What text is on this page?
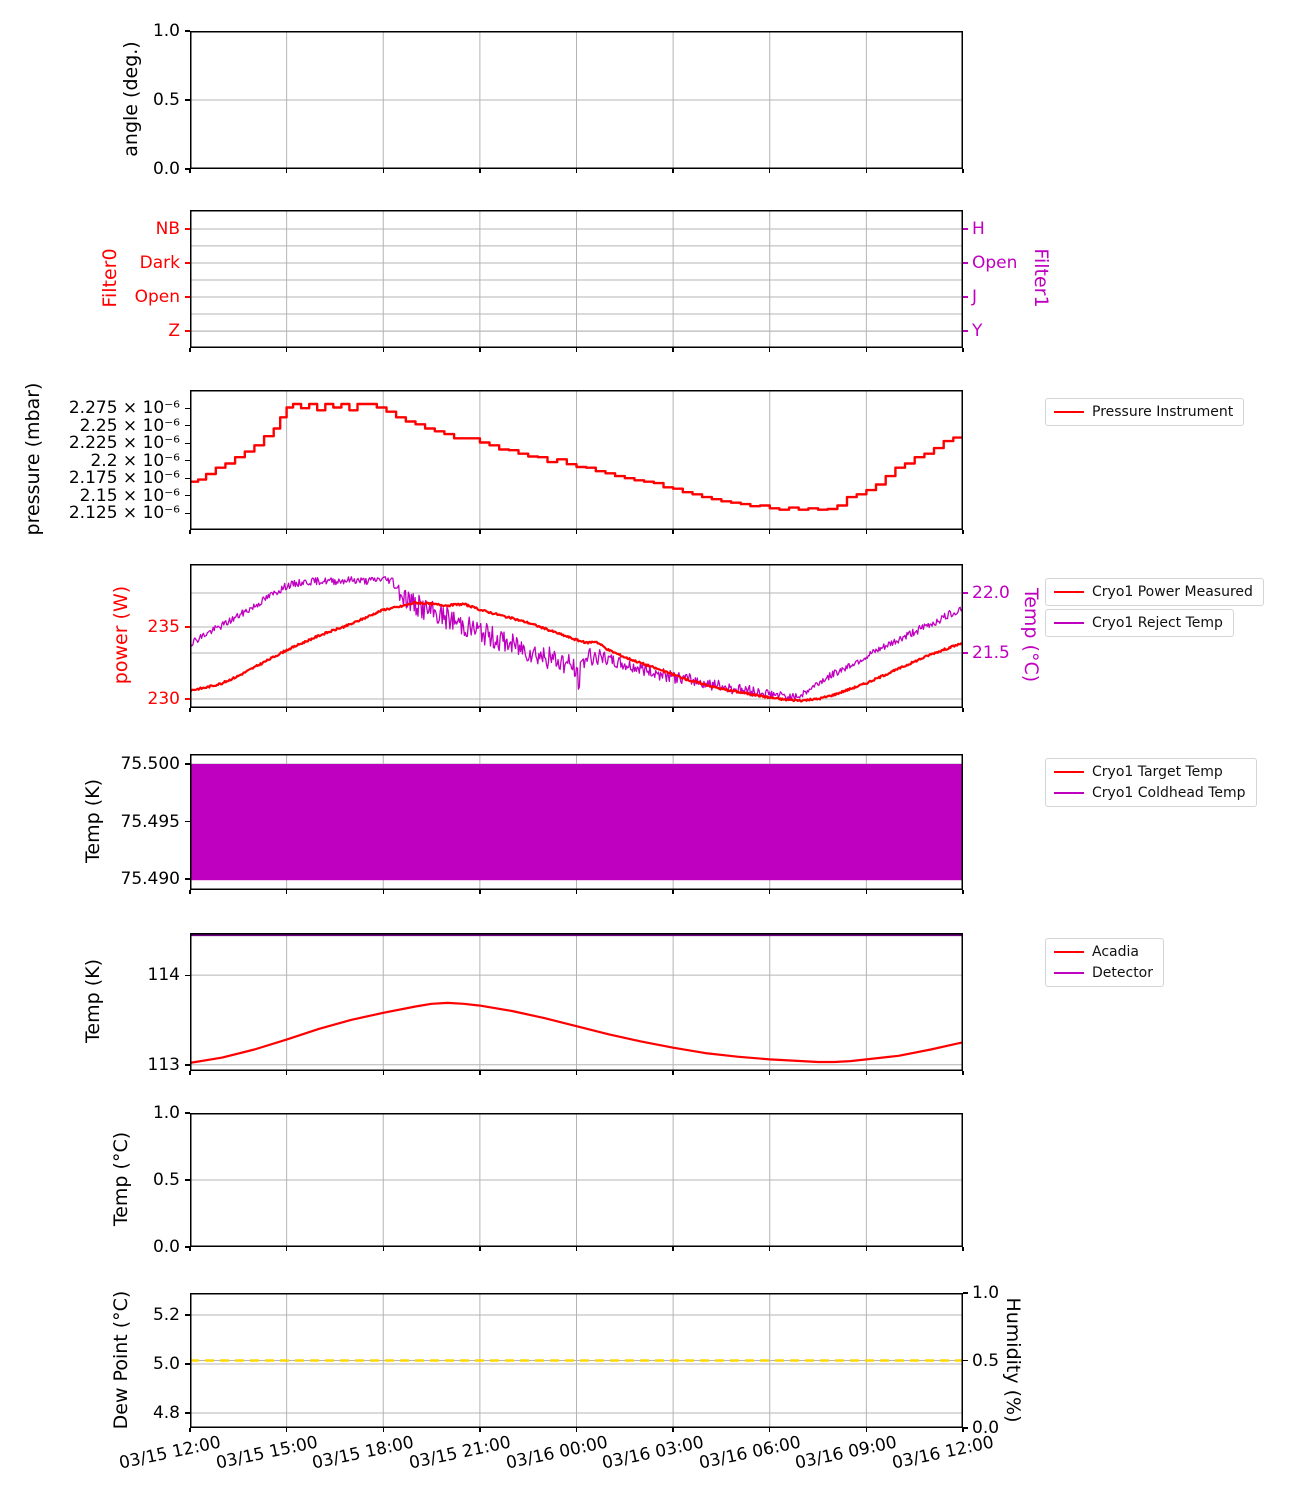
1.0
0.5
0.0
angle (deg.)
NB
Dark
Open
Z
H
Open
J
Y
Filter0	Filter1
2.275 × 10⁻⁶
2.25 × 10⁻⁶
2.225 × 10⁻⁶
2.2 × 10⁻⁶
2.175 × 10⁻⁶
2.15 × 10⁻⁶
2.125 × 10⁻⁶
pressure (mbar)
235
230
22.0
21.5
power (W)	Temp (°C)
75.500
75.495
75.490
Temp (K)
114
113
Temp (K)
1.0
0.5
0.0
Temp (°C)
5.2
5.0
4.8
1.0
0.5
0.0
Dew Point (°C)	Humidity (%)
03/15 12:00
03/15 15:00
03/15 18:00
03/15 21:00
03/16 00:00
03/16 03:00
03/16 06:00
03/16 09:00
03/16 12:00
Pressure Instrument
Cryo1 Power Measured
Cryo1 Reject Temp
Cryo1 Target Temp
Cryo1 Coldhead Temp
Acadia
Detector
